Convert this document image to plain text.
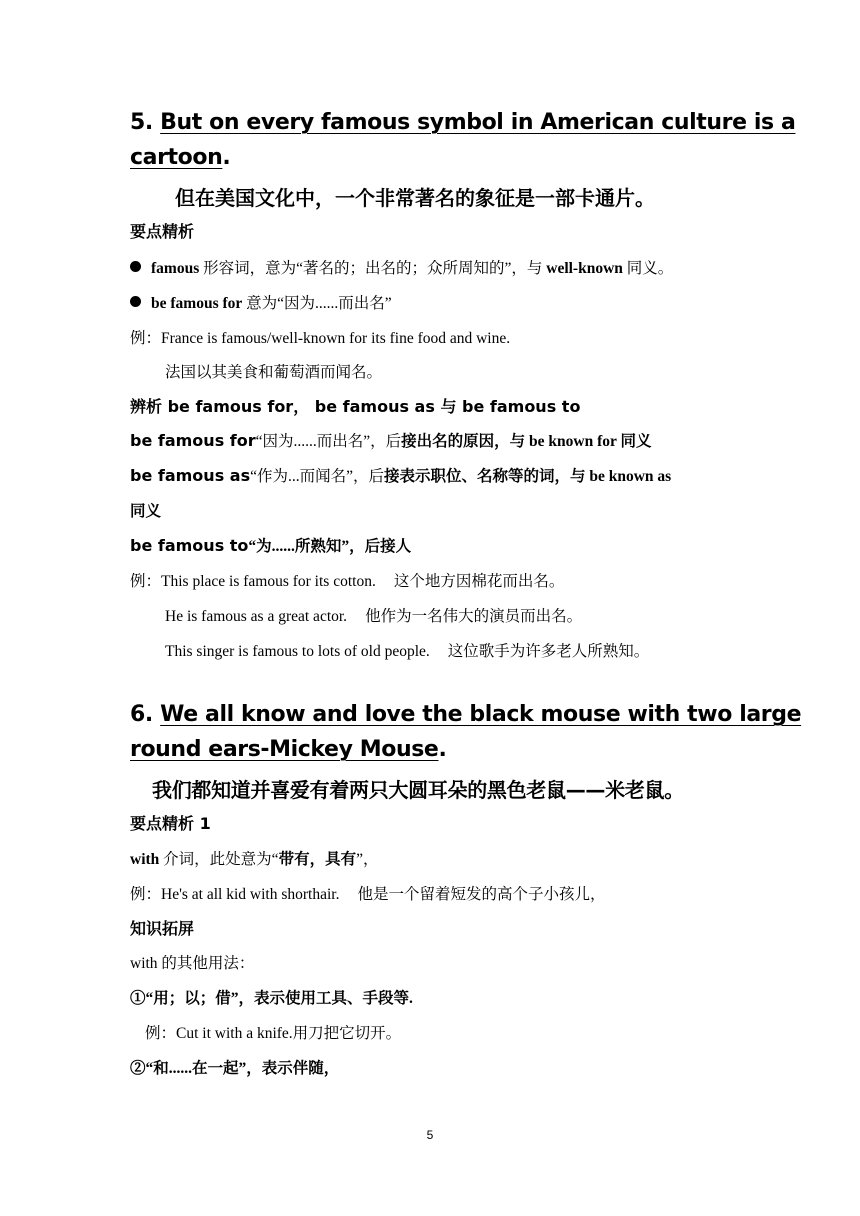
5. But on every famous symbol in American culture is a
cartoon.
但在美国文化中，一个非常著名的象征是一部卡通片。
要点精析
famous 形容词，意为“著名的；出名的；众所周知的”，与 well-known 同义。
be famous for 意为“因为......而出名”
例：France is famous/well-known for its fine food and wine.
法国以其美食和葡萄酒而闻名。
辨析 be famous for， be famous as 与 be famous to
be famous for“因为......而出名”，后接出名的原因，与 be known for 同义
be famous as“作为...而闻名”，后接表示职位、名称等的词，与 be known as
同义
be famous to“为......所熟知”，后接人
例：This place is famous for its cotton. 这个地方因棉花而出名。
He is famous as a great actor. 他作为一名伟大的演员而出名。
This singer is famous to lots of old people. 这位歌手为许多老人所熟知。
6. We all know and love the black mouse with two large
round ears-Mickey Mouse.
我们都知道并喜爱有着两只大圆耳朵的黑色老鼠——米老鼠。
要点精析 1
with 介词，此处意为“带有，具有”，
例：He's at all kid with shorthair. 他是一个留着短发的高个子小孩儿，
知识拓屏
with 的其他用法：
①“用；以；借”，表示使用工具、手段等.
例：Cut it with a knife.用刀把它切开。
②“和......在一起”，表示伴随，
5
